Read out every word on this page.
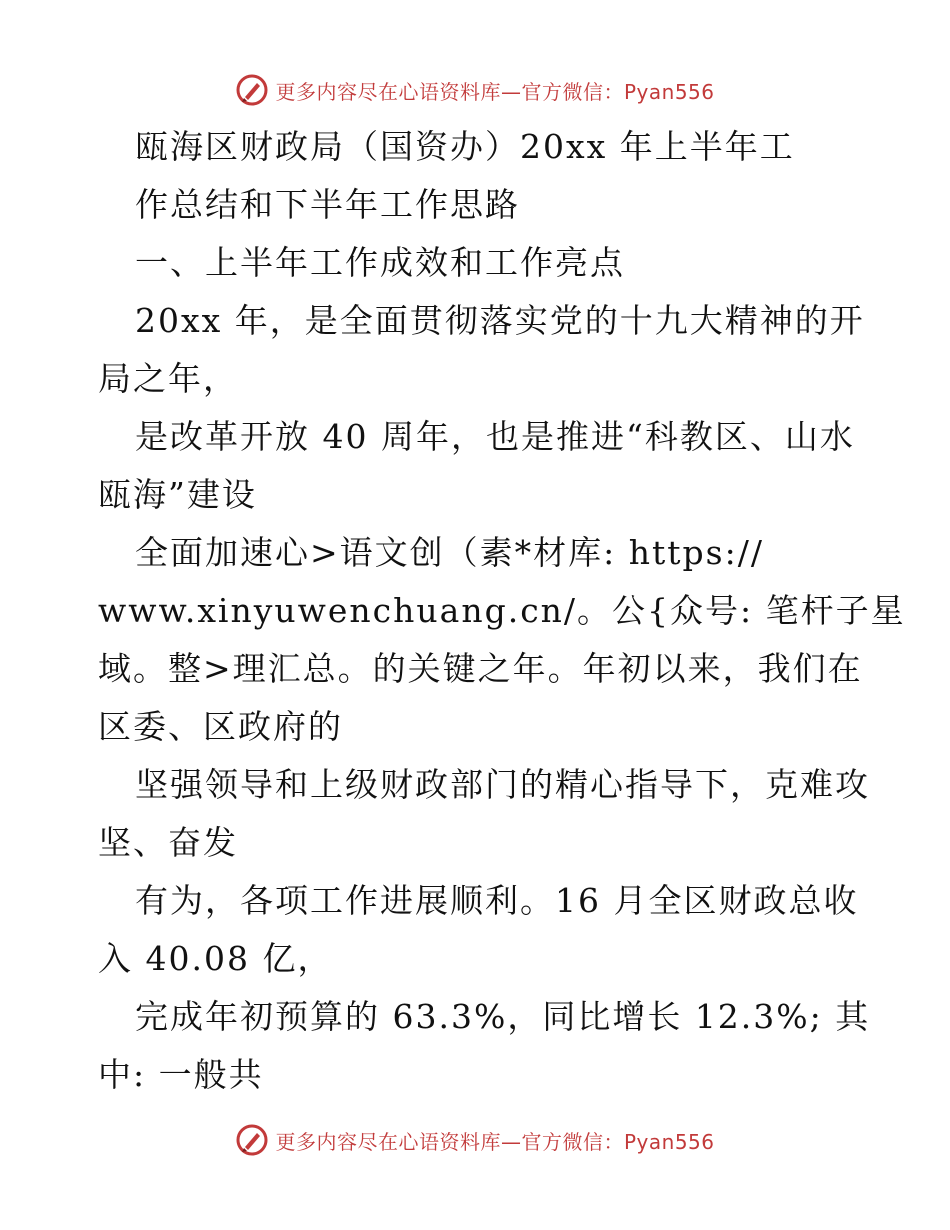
更多内容尽在心语资料库—官方微信：Pyan556
瓯海区财政局（国资办）20xx 年上半年工
作总结和下半年工作思路
一、上半年工作成效和工作亮点
20xx 年，是全面贯彻落实党的十九大精神的开
局之年，
是改革开放 40 周年，也是推进“科教区、山水
瓯海”建设
全面加速心>语文创（素*材库: https://
www.xinyuwenchuang.cn/。公{众号: 笔杆子星
域。整>理汇总。的关键之年。年初以来，我们在
区委、区政府的
坚强领导和上级财政部门的精心指导下，克难攻
坚、奋发
有为，各项工作进展顺利。16 月全区财政总收
入 40.08 亿，
完成年初预算的 63.3%，同比增长 12.3%; 其
中: 一般共
更多内容尽在心语资料库—官方微信：Pyan556
